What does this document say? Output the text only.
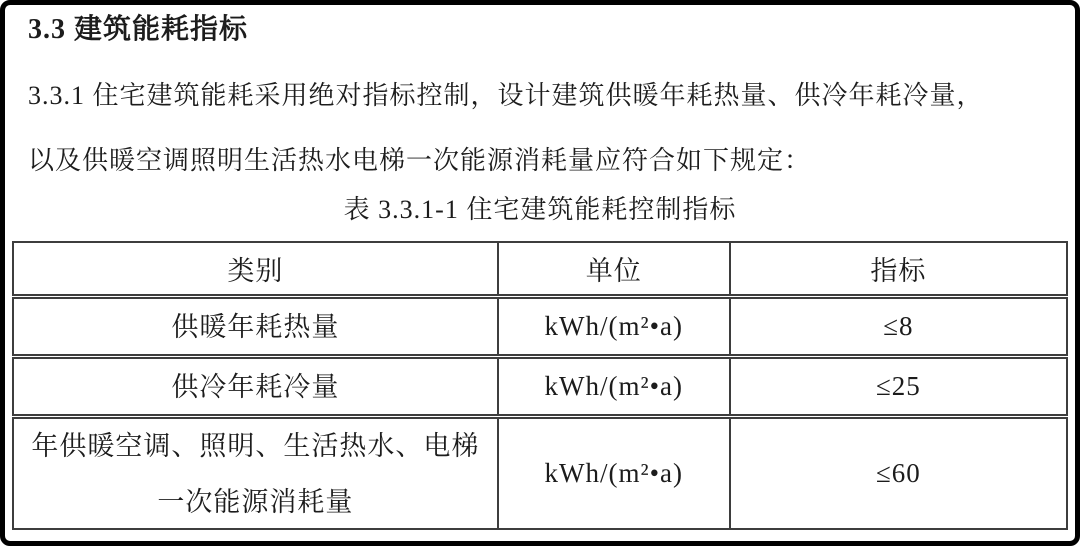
3.3 建筑能耗指标

3.3.1 住宅建筑能耗采用绝对指标控制，设计建筑供暖年耗热量、供冷年耗冷量，
以及供暖空调照明生活热水电梯一次能源消耗量应符合如下规定：

表 3.3.1-1 住宅建筑能耗控制指标
类别	单位	指标

供暖年耗热量	kWh/(m²•a)	≤8

供冷年耗冷量	kWh/(m²•a)	≤25

年供暖空调、照明、生活热水、电梯
一次能源消耗量	kWh/(m²•a)	≤60
